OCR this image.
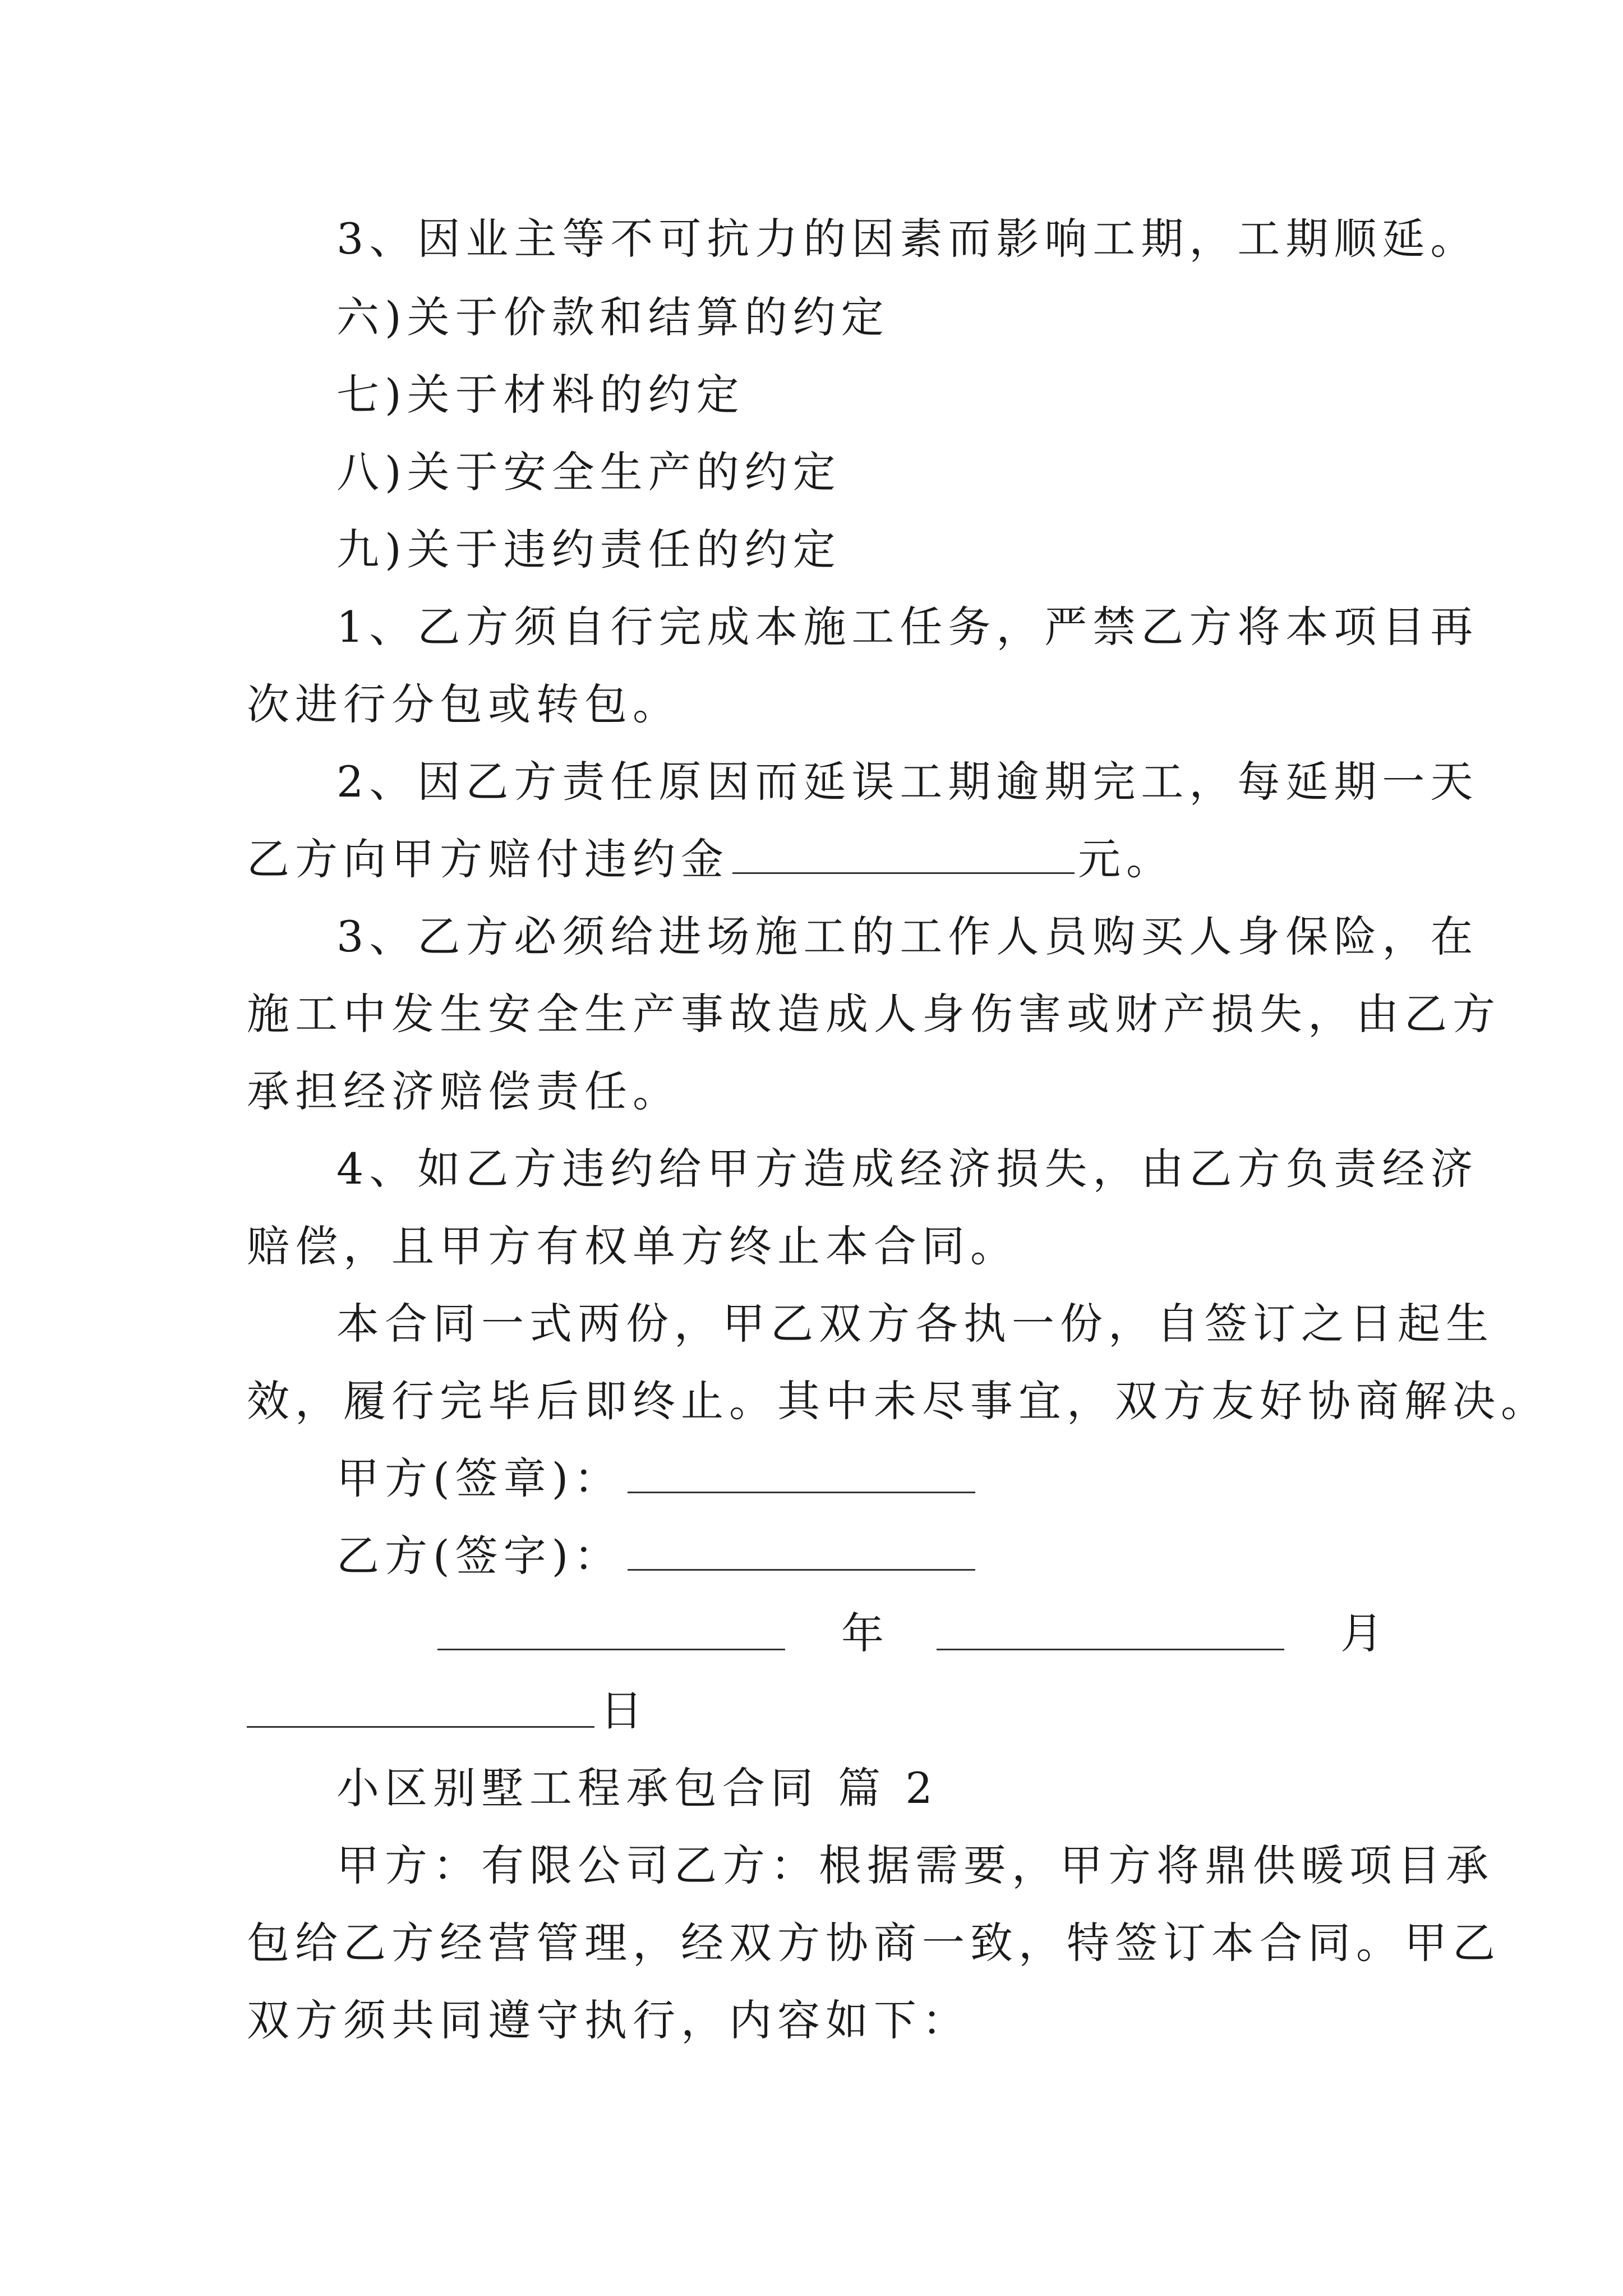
3、因业主等不可抗力的因素而影响工期，工期顺延。
六)关于价款和结算的约定
七)关于材料的约定
八)关于安全生产的约定
九)关于违约责任的约定
1、乙方须自行完成本施工任务，严禁乙方将本项目再
次进行分包或转包。
2、因乙方责任原因而延误工期逾期完工，每延期一天
乙方向甲方赔付违约金	元。
3、乙方必须给进场施工的工作人员购买人身保险，在
施工中发生安全生产事故造成人身伤害或财产损失，由乙方
承担经济赔偿责任。
4、如乙方违约给甲方造成经济损失，由乙方负责经济
赔偿，且甲方有权单方终止本合同。
本合同一式两份，甲乙双方各执一份，自签订之日起生
效，履行完毕后即终止。其中未尽事宜，双方友好协商解决。
甲方(签章)：
乙方(签字)：
年	月
日
小区别墅工程承包合同 篇 2
甲方：有限公司乙方：根据需要，甲方将鼎供暖项目承
包给乙方经营管理，经双方协商一致，特签订本合同。甲乙
双方须共同遵守执行，内容如下：
